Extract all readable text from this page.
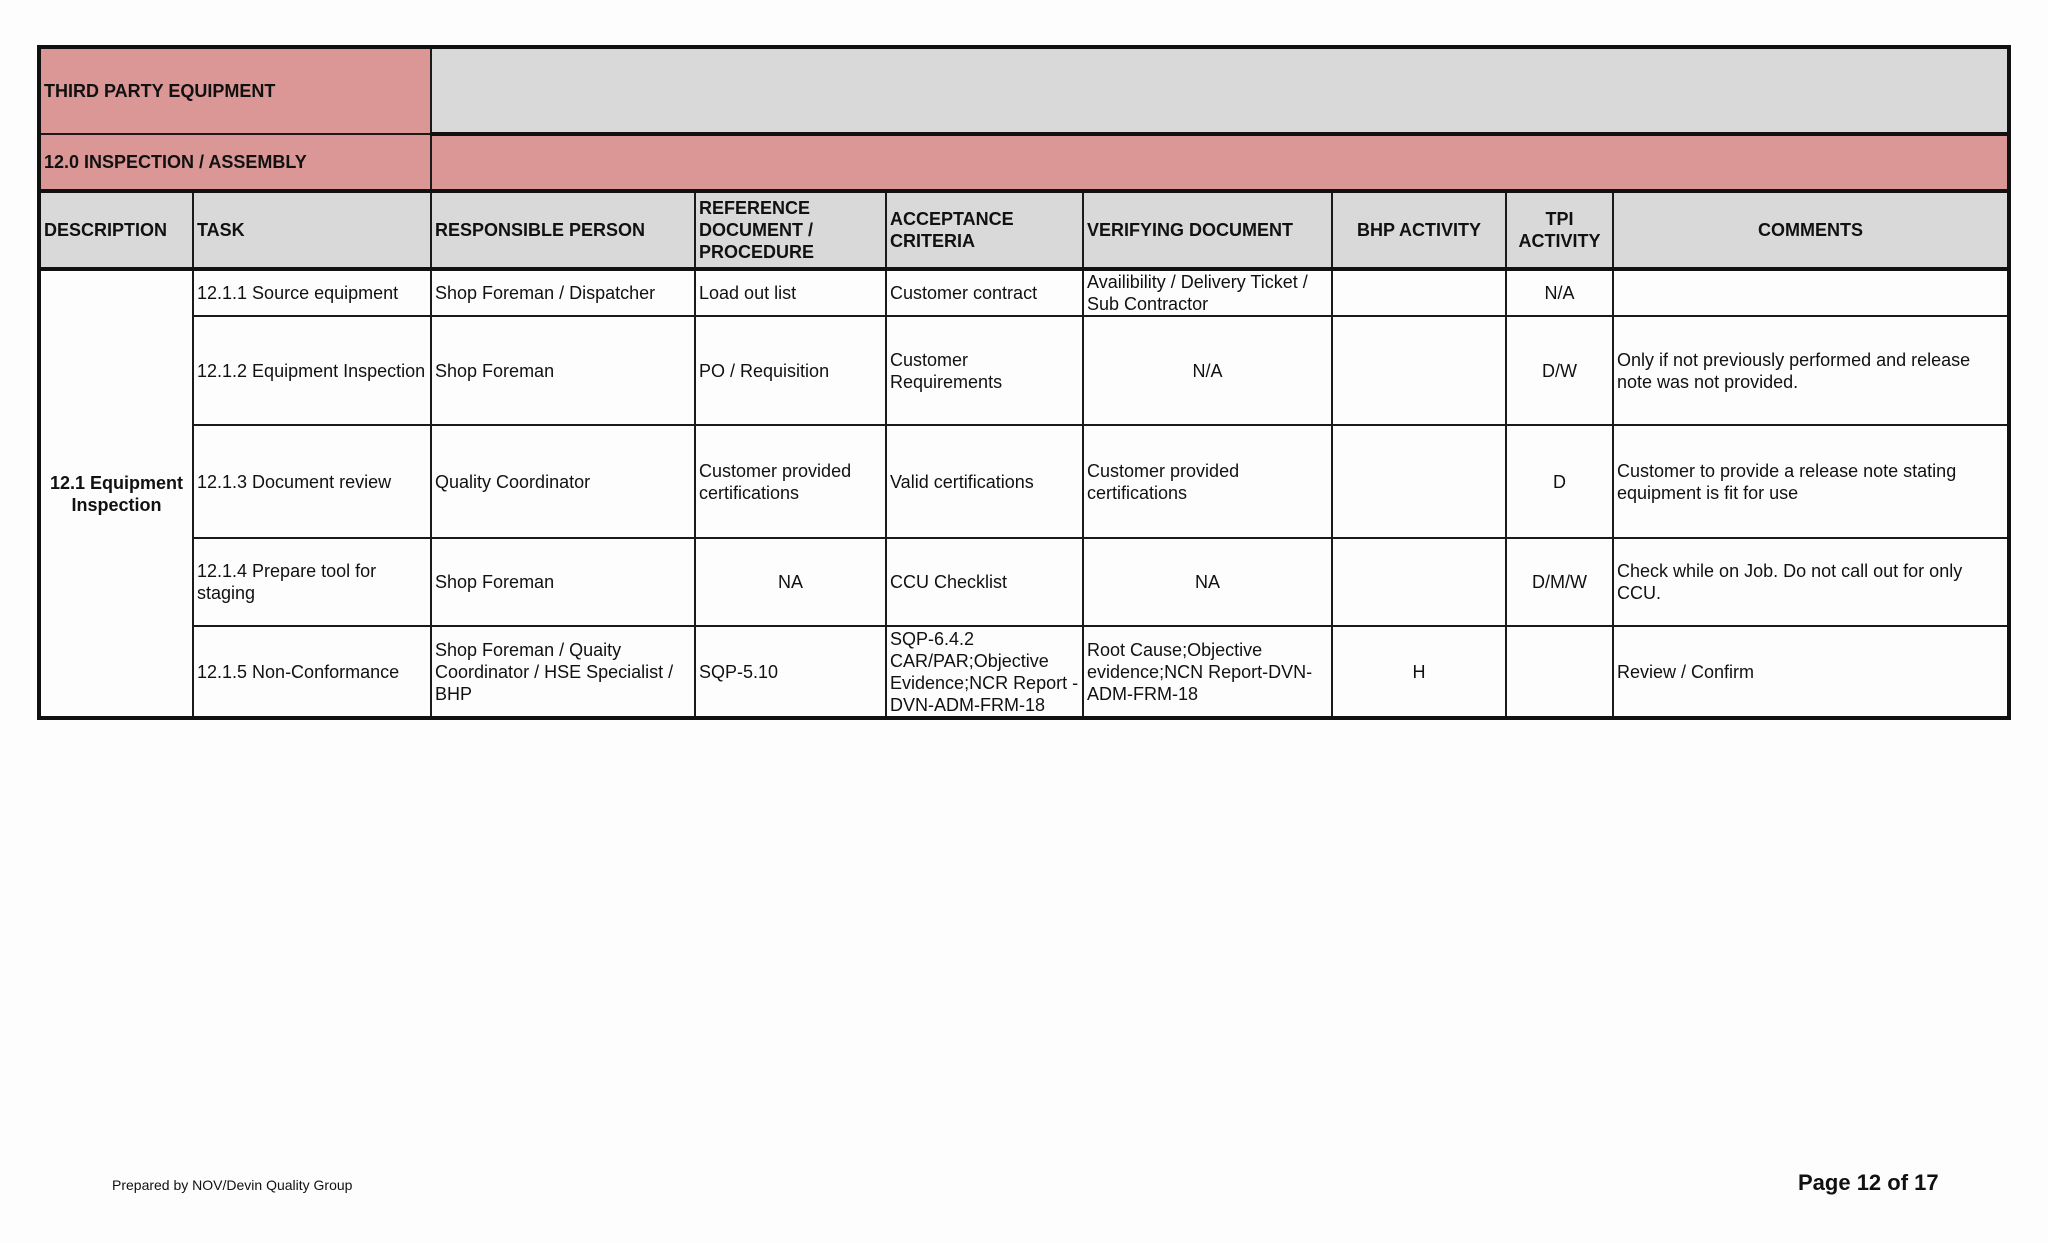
THIRD PARTY EQUIPMENT								
12.0 INSPECTION / ASSEMBLY								
DESCRIPTION	TASK	RESPONSIBLE PERSON	REFERENCE DOCUMENT / PROCEDURE	ACCEPTANCE CRITERIA	VERIFYING DOCUMENT	BHP ACTIVITY	TPI ACTIVITY	COMMENTS
12.1 Equipment Inspection	12.1.1 Source equipment	Shop Foreman / Dispatcher	Load out list	Customer contract	Availibility / Delivery Ticket / Sub Contractor		N/A	
	12.1.2 Equipment Inspection	Shop Foreman	PO / Requisition	Customer Requirements	N/A		D/W	Only if not previously performed and release note was not provided.
	12.1.3 Document review	Quality Coordinator	Customer provided certifications	Valid certifications	Customer provided certifications		D	Customer to provide a release note stating equipment is fit for use
	12.1.4 Prepare tool for staging	Shop Foreman	NA	CCU Checklist	NA		D/M/W	Check while on Job. Do not call out for only CCU.
	12.1.5 Non-Conformance	Shop Foreman / Quaity Coordinator / HSE Specialist / BHP	SQP-5.10	SQP-6.4.2 CAR/PAR;Objective Evidence;NCR Report - DVN-ADM-FRM-18	Root Cause;Objective evidence;NCN Report-DVN-ADM-FRM-18	H		Review / Confirm
Prepared by NOV/Devin Quality Group	Page 12 of 17
